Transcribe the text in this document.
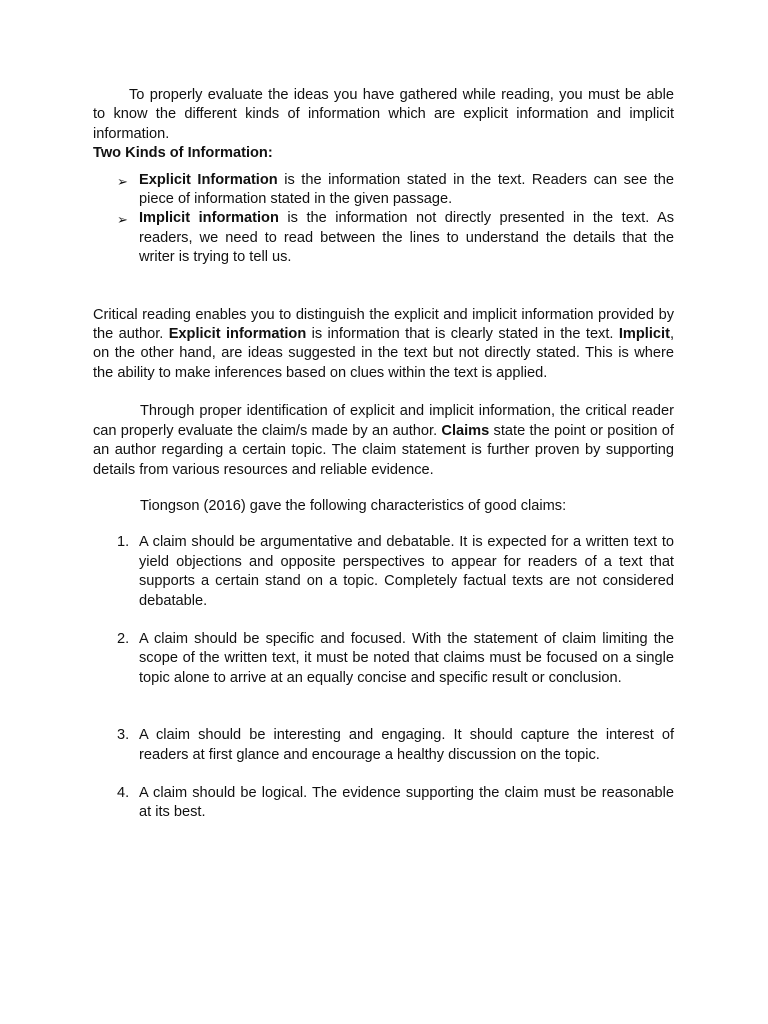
To properly evaluate the ideas you have gathered while reading, you must be able to know the different kinds of information which are explicit information and implicit information.

Two Kinds of Information:

➢ Explicit Information is the information stated in the text. Readers can see the piece of information stated in the given passage.
➢ Implicit information is the information not directly presented in the text. As readers, we need to read between the lines to understand the details that the writer is trying to tell us.

Critical reading enables you to distinguish the explicit and implicit information provided by the author. Explicit information is information that is clearly stated in the text. Implicit, on the other hand, are ideas suggested in the text but not directly stated. This is where the ability to make inferences based on clues within the text is applied.

Through proper identification of explicit and implicit information, the critical reader can properly evaluate the claim/s made by an author. Claims state the point or position of an author regarding a certain topic. The claim statement is further proven by supporting details from various resources and reliable evidence.

Tiongson (2016) gave the following characteristics of good claims:

1. A claim should be argumentative and debatable. It is expected for a written text to yield objections and opposite perspectives to appear for readers of a text that supports a certain stand on a topic. Completely factual texts are not considered debatable.
2. A claim should be specific and focused. With the statement of claim limiting the scope of the written text, it must be noted that claims must be focused on a single topic alone to arrive at an equally concise and specific result or conclusion.
3. A claim should be interesting and engaging. It should capture the interest of readers at first glance and encourage a healthy discussion on the topic.
4. A claim should be logical. The evidence supporting the claim must be reasonable at its best.
